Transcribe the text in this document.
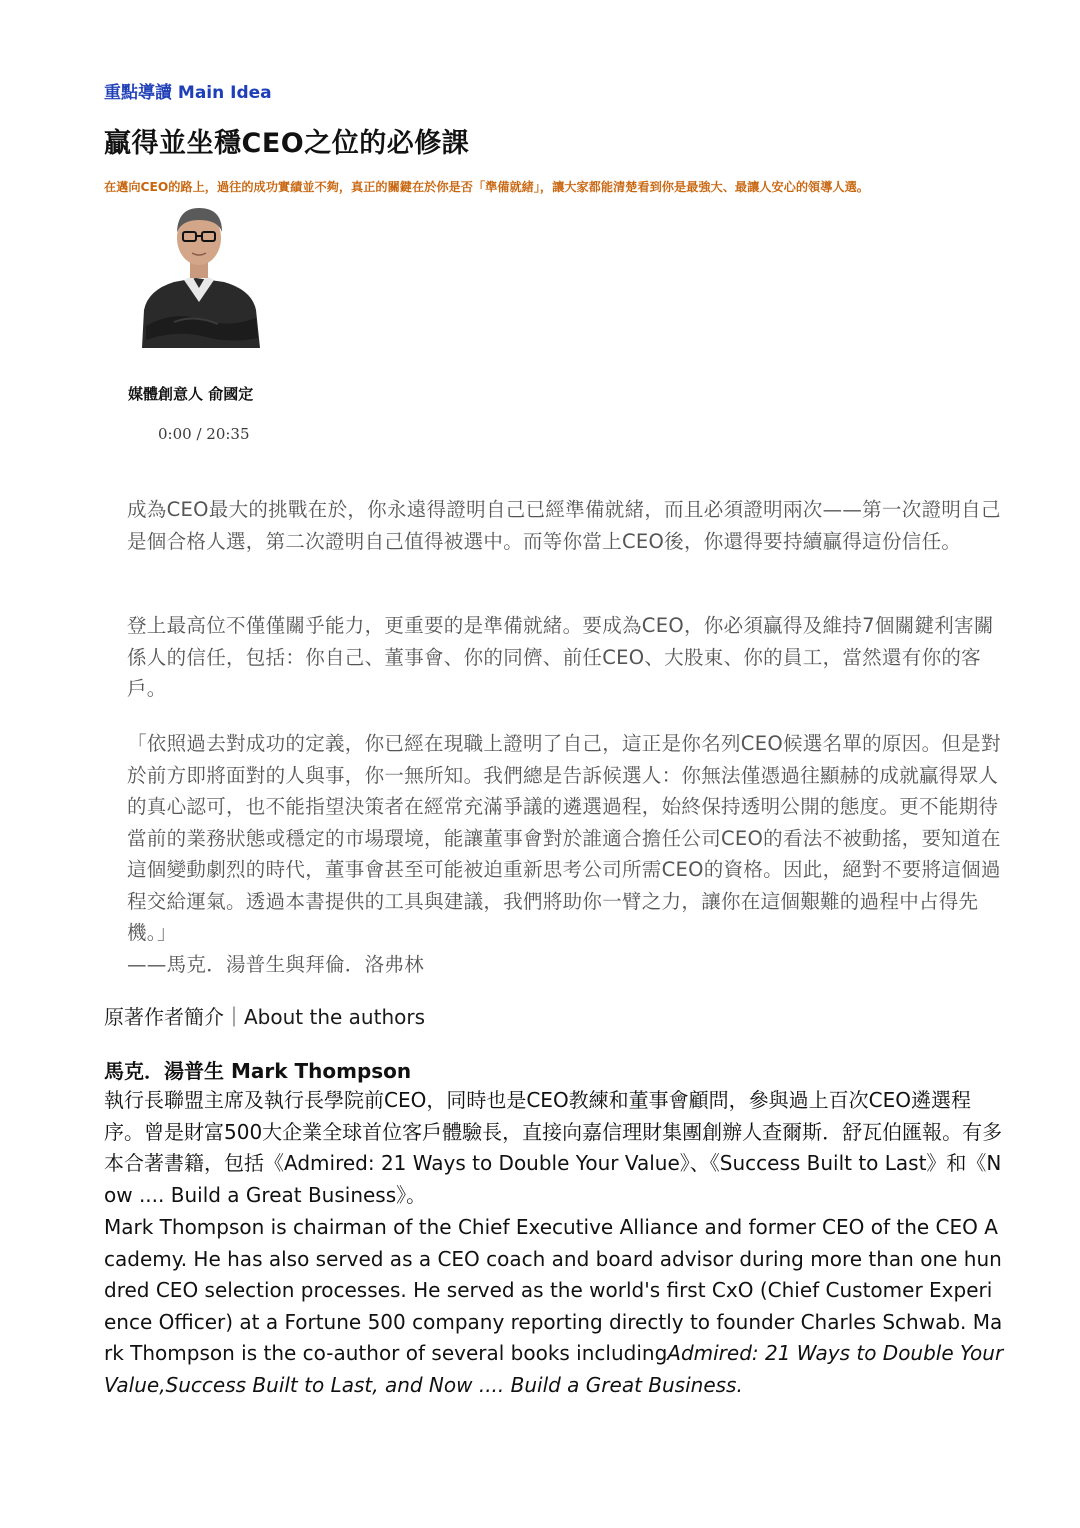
重點導讀 Main Idea
贏得並坐穩CEO之位的必修課

在邁向CEO的路上，過往的成功實績並不夠，真正的關鍵在於你是否「準備就緒」，讓大家都能清楚看到你是最強大、最讓人安心的領導人選。

媒體創意人 俞國定
0:00 / 20:35

成為CEO最大的挑戰在於，你永遠得證明自己已經準備就緒，而且必須證明兩次——第一次證明自己是個合格人選，第二次證明自己值得被選中。而等你當上CEO後，你還得要持續贏得這份信任。

登上最高位不僅僅關乎能力，更重要的是準備就緒。要成為CEO，你必須贏得及維持7個關鍵利害關係人的信任，包括：你自己、董事會、你的同儕、前任CEO、大股東、你的員工，當然還有你的客戶。

「依照過去對成功的定義，你已經在現職上證明了自己，這正是你名列CEO候選名單的原因。但是對於前方即將面對的人與事，你一無所知。我們總是告訴候選人：你無法僅憑過往顯赫的成就贏得眾人的真心認可，也不能指望決策者在經常充滿爭議的遴選過程，始終保持透明公開的態度。更不能期待當前的業務狀態或穩定的市場環境，能讓董事會對於誰適合擔任公司CEO的看法不被動搖，要知道在這個變動劇烈的時代，董事會甚至可能被迫重新思考公司所需CEO的資格。因此，絕對不要將這個過程交給運氣。透過本書提供的工具與建議，我們將助你一臂之力，讓你在這個艱難的過程中占得先機。」
——馬克．湯普生與拜倫．洛弗林

原著作者簡介｜About the authors
馬克．湯普生 Mark Thompson

執行長聯盟主席及執行長學院前CEO，同時也是CEO教練和董事會顧問，參與過上百次CEO遴選程序。曾是財富500大企業全球首位客戶體驗長，直接向嘉信理財集團創辦人查爾斯．舒瓦伯匯報。有多本合著書籍，包括《Admired: 21 Ways to Double Your Value》、《Success Built to Last》和《Now .... Build a Great Business》。

Mark Thompson is chairman of the Chief Executive Alliance and former CEO of the CEO Academy. He has also served as a CEO coach and board advisor during more than one hundred CEO selection processes. He served as the world's first CxO (Chief Customer Experience Officer) at a Fortune 500 company reporting directly to founder Charles Schwab. Mark Thompson is the co-author of several books includingAdmired: 21 Ways to Double Your Value,Success Built to Last, and Now .... Build a Great Business.
